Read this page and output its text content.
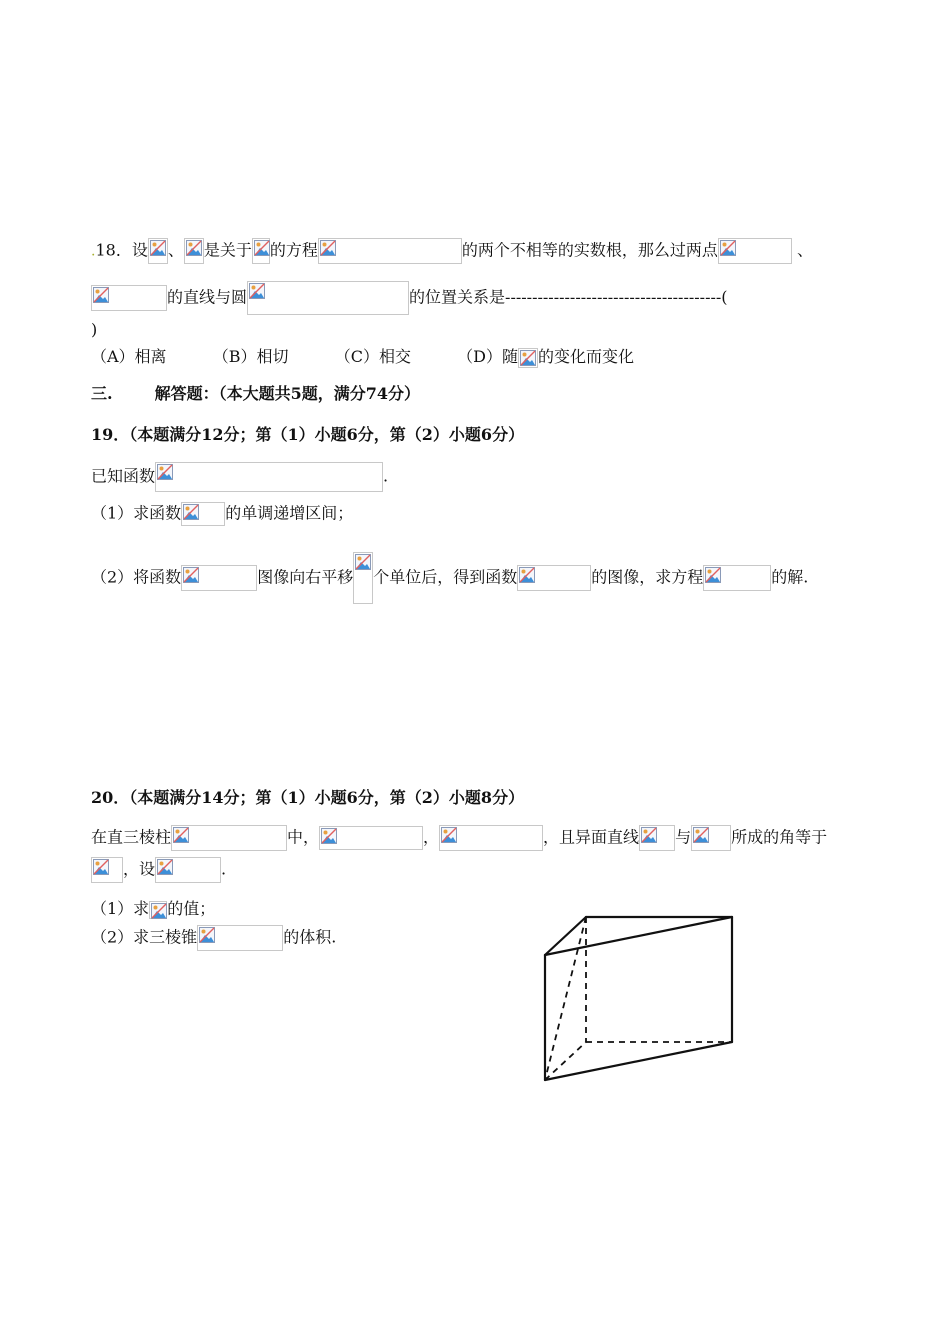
.18．设 、 是关于 的方程	的两个不相等的实数根，那么过两点	、
的直线与圆	的位置关系是----------------------------------------(
)
（A）相离	（B）相切	（C）相交	（D）随 的变化而变化
三.	解答题：（本大题共5题，满分74分）
19．（本题满分12分；第（1）小题6分，第（2）小题6分）
已知函数	.
（1）求函数	的单调递增区间；
（2）将函数	图像向右平移 个单位后，得到函数	的图像，求方程	的解.
20．（本题满分14分；第（1）小题6分，第（2）小题8分）
在直三棱柱	中，	，	，且异面直线 与	所成的角等于
，设	.
（1）求 的值；
（2）求三棱锥	的体积.
